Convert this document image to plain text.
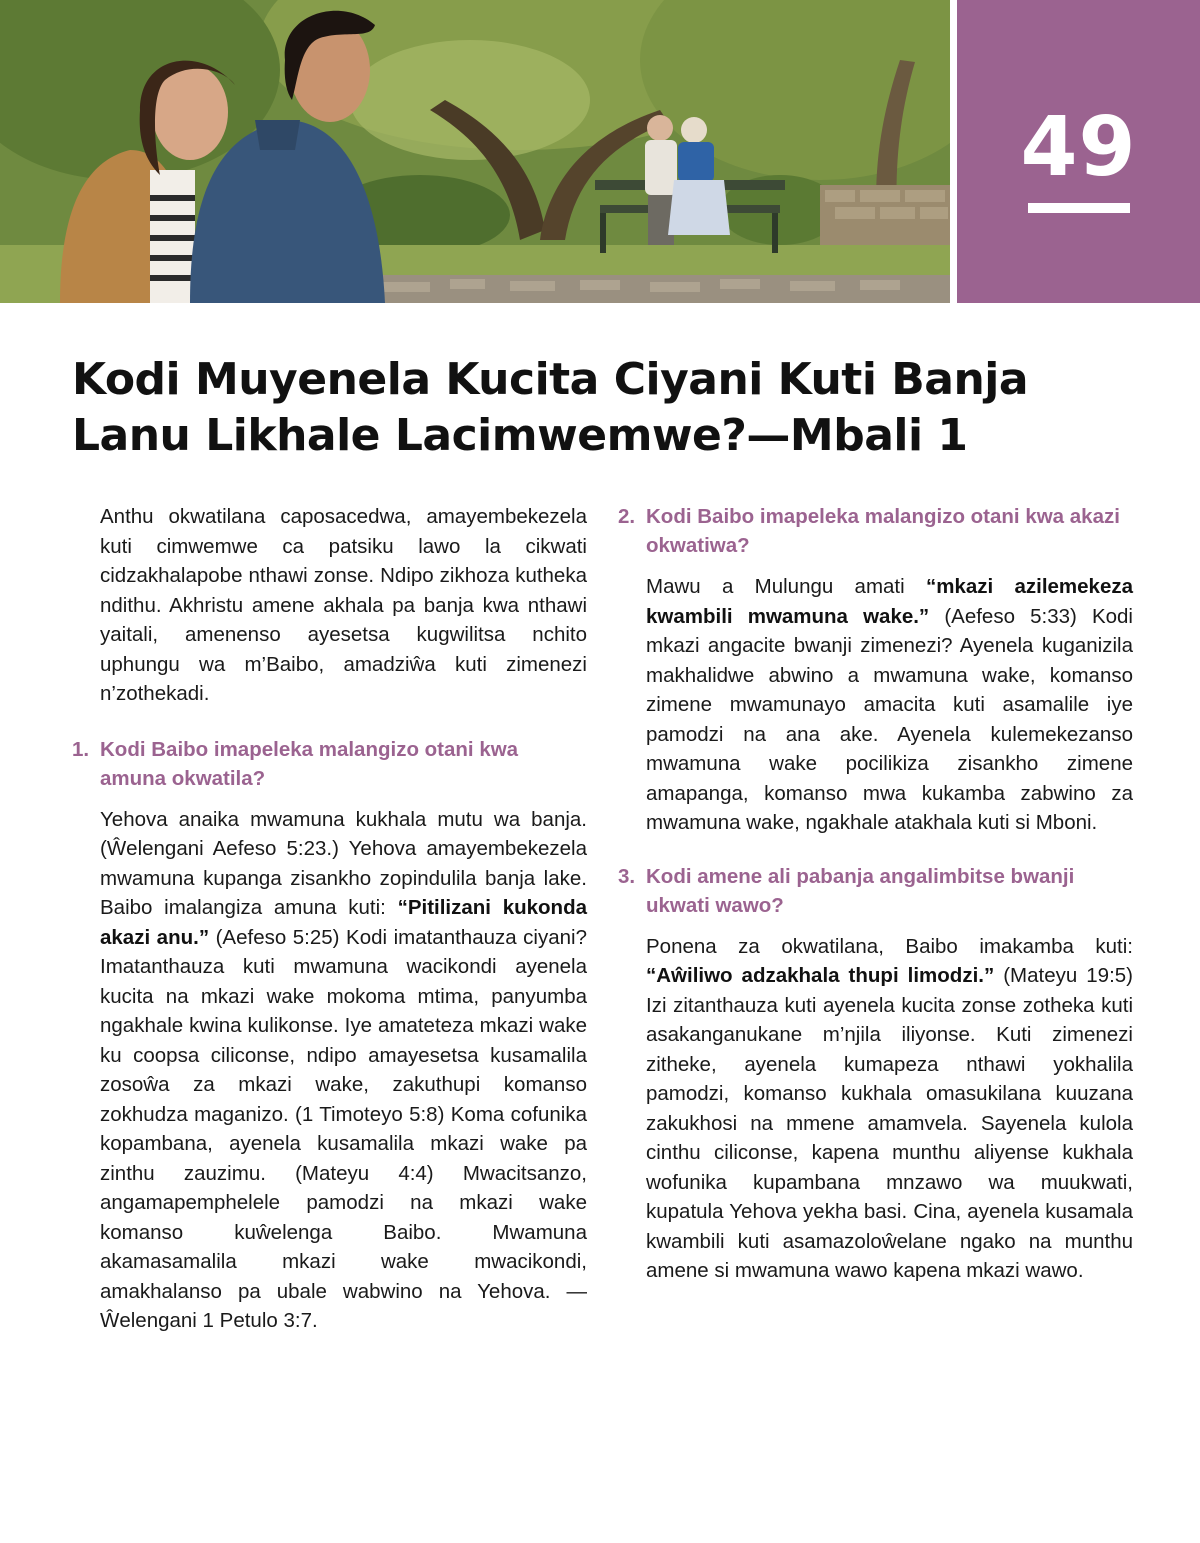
49
Kodi Muyenela Kucita Ciyani Kuti Banja Lanu Likhale Lacimwemwe?—Mbali 1

Anthu okwatilana caposacedwa, amayembekezela kuti cimwemwe ca patsiku lawo la cikwati cidzakhalapobe nthawi zonse. Ndipo zikhoza kutheka ndithu. Akhristu amene akhala pa banja kwa nthawi yaitali, amenenso ayesetsa kugwilitsa nchito uphungu wa m’Baibo, amadziŵa kuti zimenezi n’zothekadi.

1. Kodi Baibo imapeleka malangizo otani kwa amuna okwatila?

Yehova anaika mwamuna kukhala mutu wa banja. (Ŵelengani Aefeso 5:23.) Yehova amayembekezela mwamuna kupanga zisankho zopindulila banja lake. Baibo imalangiza amuna kuti: “Pitilizani kukonda akazi anu.” (Aefeso 5:25) Kodi imatanthauza ciyani? Imatanthauza kuti mwamuna wacikondi ayenela kucita na mkazi wake mokoma mtima, panyumba ngakhale kwina kulikonse. Iye amateteza mkazi wake ku coopsa ciliconse, ndipo amayesetsa kusamalila zosoŵa za mkazi wake, zakuthupi komanso zokhudza maganizo. (1 Timoteyo 5:8) Koma cofunika kopambana, ayenela kusamalila mkazi wake pa zinthu zauzimu. (Mateyu 4:4) Mwacitsanzo, angamapemphelele pamodzi na mkazi wake komanso kuŵelenga Baibo. Mwamuna akamasamalila mkazi wake mwacikondi, amakhalanso pa ubale wabwino na Yehova. —Ŵelengani 1 Petulo 3:7.

2. Kodi Baibo imapeleka malangizo otani kwa akazi okwatiwa?

Mawu a Mulungu amati “mkazi azilemekeza kwambili mwamuna wake.” (Aefeso 5:33) Kodi mkazi angacite bwanji zimenezi? Ayenela kuganizila makhalidwe abwino a mwamuna wake, komanso zimene mwamunayo amacita kuti asamalile iye pamodzi na ana ake. Ayenela kulemekezanso mwamuna wake pocilikiza zisankho zimene amapanga, komanso mwa kukamba zabwino za mwamuna wake, ngakhale atakhala kuti si Mboni.

3. Kodi amene ali pabanja angalimbitse bwanji ukwati wawo?

Ponena za okwatilana, Baibo imakamba kuti: “Aŵiliwo adzakhala thupi limodzi.” (Mateyu 19:5) Izi zitanthauza kuti ayenela kucita zonse zotheka kuti asakanganukane m’njila iliyonse. Kuti zimenezi zitheke, ayenela kumapeza nthawi yokhalila pamodzi, komanso kukhala omasukilana kuuzana zakukhosi na mmene amamvela. Sayenela kulola cinthu ciliconse, kapena munthu aliyense kukhala wofunika kupambana mnzawo wa muukwati, kupatula Yehova yekha basi. Cina, ayenela kusamala kwambili kuti asamazoloŵelane ngako na munthu amene si mwamuna wawo kapena mkazi wawo.
